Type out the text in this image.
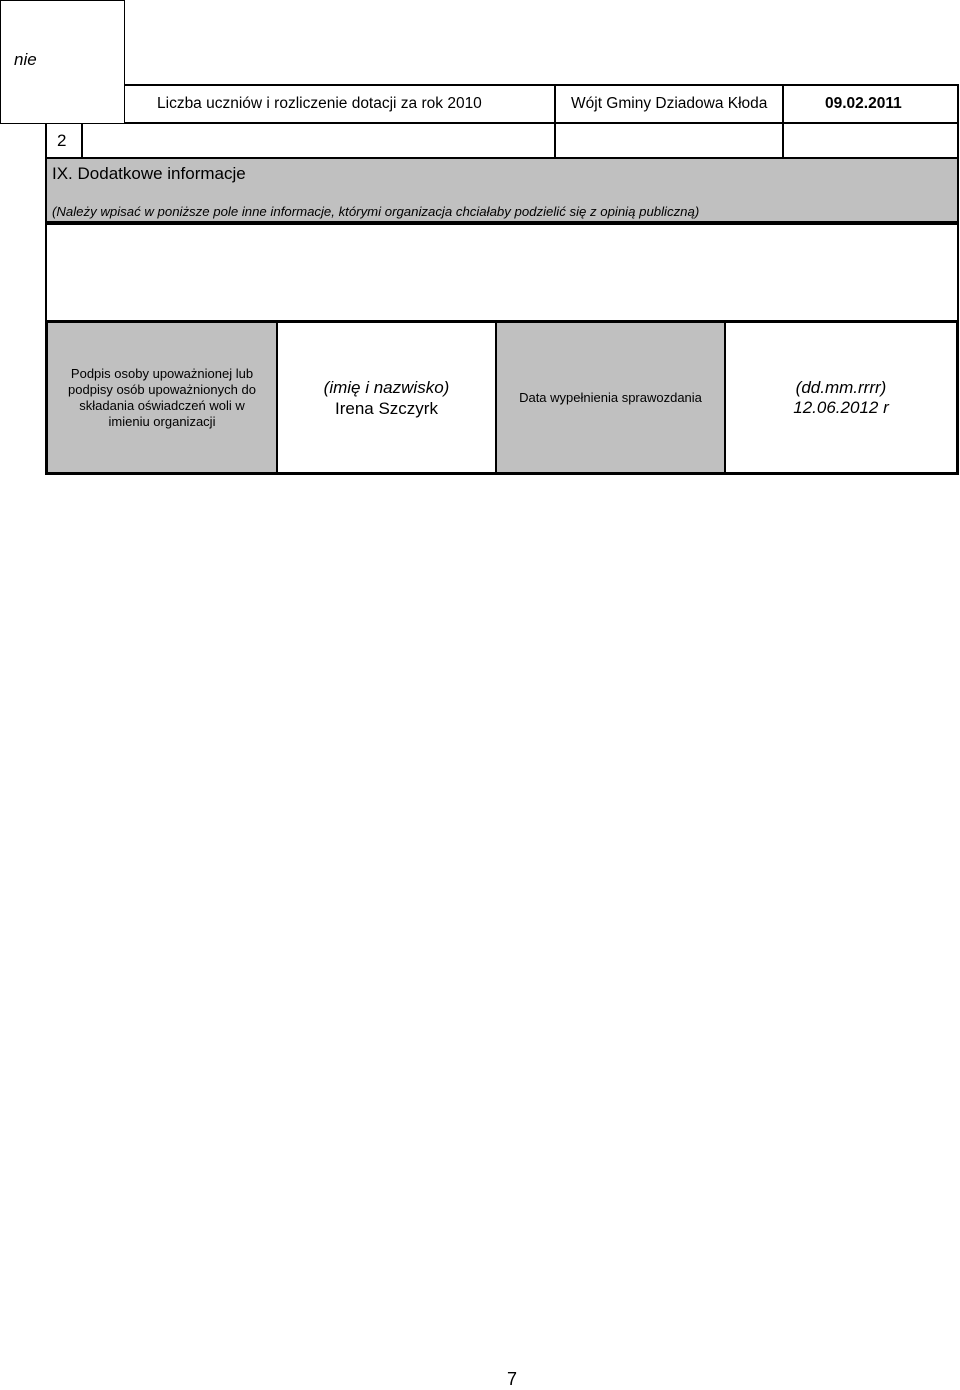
nie
Liczba uczniów i rozliczenie dotacji za rok 2010	Wójt Gminy Dziadowa Kłoda	09.02.2011
2
IX. Dodatkowe informacje
(Należy wpisać w poniższe pole inne informacje, którymi organizacja chciałaby podzielić się z opinią publiczną)
Podpis osoby upoważnionej lub
podpisy osób upoważnionych do
składania oświadczeń woli w
imieniu organizacji
(imię i nazwisko)
Irena Szczyrk
Data wypełnienia sprawozdania
(dd.mm.rrrr)
12.06.2012 r
7
